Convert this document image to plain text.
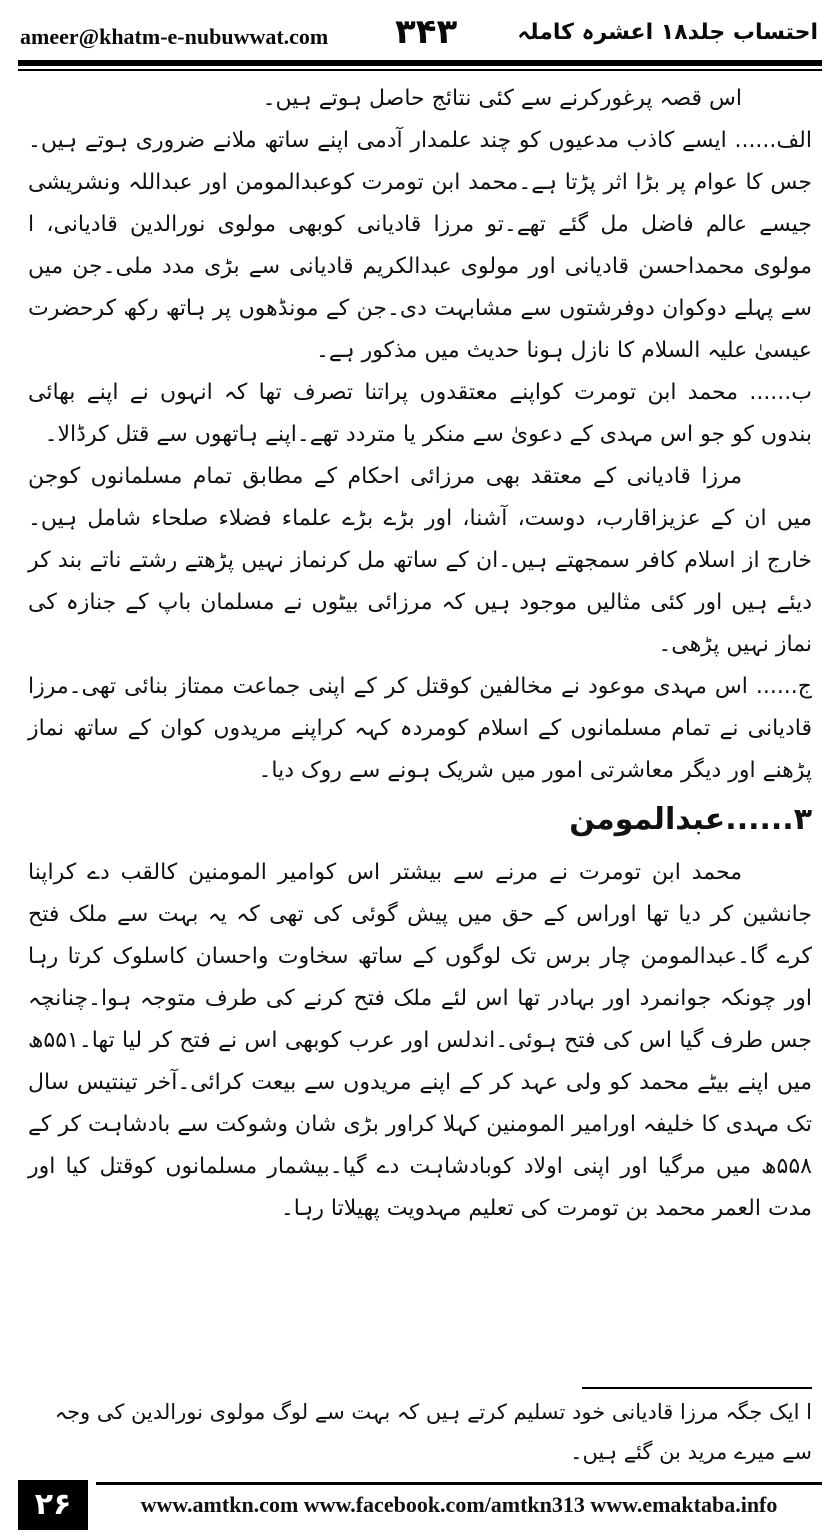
ameer@khatm-e-nubuwwat.com ۳۴۳	احتساب جلد۱۸ اعشرہ کاملہ

اس قصہ پرغورکرنے سے کئی نتائج حاصل ہوتے ہیں۔

الف...... ایسے کاذب مدعیوں کو چند علمدار آدمی اپنے ساتھ ملانے ضروری ہوتے ہیں۔جس کا عوام پر بڑا اثر پڑتا ہے۔محمد ابن تومرت کوعبدالمومن اور عبداللہ ونشریشی جیسے عالم فاضل مل گئے تھے۔تو مرزا قادیانی کوبھی مولوی نورالدین قادیانی، ا مولوی محمداحسن قادیانی اور مولوی عبدالکریم قادیانی سے بڑی مدد ملی۔جن میں سے پہلے دوکوان دوفرشتوں سے مشابہت دی۔جن کے مونڈھوں پر ہاتھ رکھ کرحضرت عیسیٰ علیہ السلام کا نازل ہونا حدیث میں مذکور ہے۔

ب...... محمد ابن تومرت کواپنے معتقدوں پراتنا تصرف تھا کہ انہوں نے اپنے بھائی بندوں کو جو اس مہدی کے دعویٰ سے منکر یا متردد تھے۔اپنے ہاتھوں سے قتل کرڈالا۔

مرزا قادیانی کے معتقد بھی مرزائی احکام کے مطابق تمام مسلمانوں کوجن میں ان کے عزیزاقارب، دوست، آشنا، اور بڑے بڑے علماء فضلاء صلحاء شامل ہیں۔خارج از اسلام کافر سمجھتے ہیں۔ان کے ساتھ مل کرنماز نہیں پڑھتے رشتے ناتے بند کر دیئے ہیں اور کئی مثالیں موجود ہیں کہ مرزائی بیٹوں نے مسلمان باپ کے جنازہ کی نماز نہیں پڑھی۔

ج...... اس مہدی موعود نے مخالفین کوقتل کر کے اپنی جماعت ممتاز بنائی تھی۔مرزا قادیانی نے تمام مسلمانوں کے اسلام کومردہ کہہ کراپنے مریدوں کوان کے ساتھ نماز پڑھنے اور دیگر معاشرتی امور میں شریک ہونے سے روک دیا۔

۳......عبدالمومن

محمد ابن تومرت نے مرنے سے بیشتر اس کوامیر المومنین کالقب دے کراپنا جانشین کر دیا تھا اوراس کے حق میں پیش گوئی کی تھی کہ یہ بہت سے ملک فتح کرے گا۔عبدالمومن چار برس تک لوگوں کے ساتھ سخاوت واحسان کاسلوک کرتا رہا اور چونکہ جوانمرد اور بہادر تھا اس لئے ملک فتح کرنے کی طرف متوجہ ہوا۔چنانچہ جس طرف گیا اس کی فتح ہوئی۔اندلس اور عرب کوبھی اس نے فتح کر لیا تھا۔۵۵۱ھ میں اپنے بیٹے محمد کو ولی عہد کر کے اپنے مریدوں سے بیعت کرائی۔آخر تینتیس سال تک مہدی کا خلیفہ اورامیر المومنین کہلا کراور بڑی شان وشوکت سے بادشاہت کر کے ۵۵۸ھ میں مرگیا اور اپنی اولاد کوبادشاہت دے گیا۔بیشمار مسلمانوں کوقتل کیا اور مدت العمر محمد بن تومرت کی تعلیم مہدویت پھیلاتا رہا۔

ا ایک جگہ مرزا قادیانی خود تسلیم کرتے ہیں کہ بہت سے لوگ مولوی نورالدین کی وجہ سے میرے مرید بن گئے ہیں۔
۲۶	www.amtkn.com www.facebook.com/amtkn313 www.emaktaba.info
